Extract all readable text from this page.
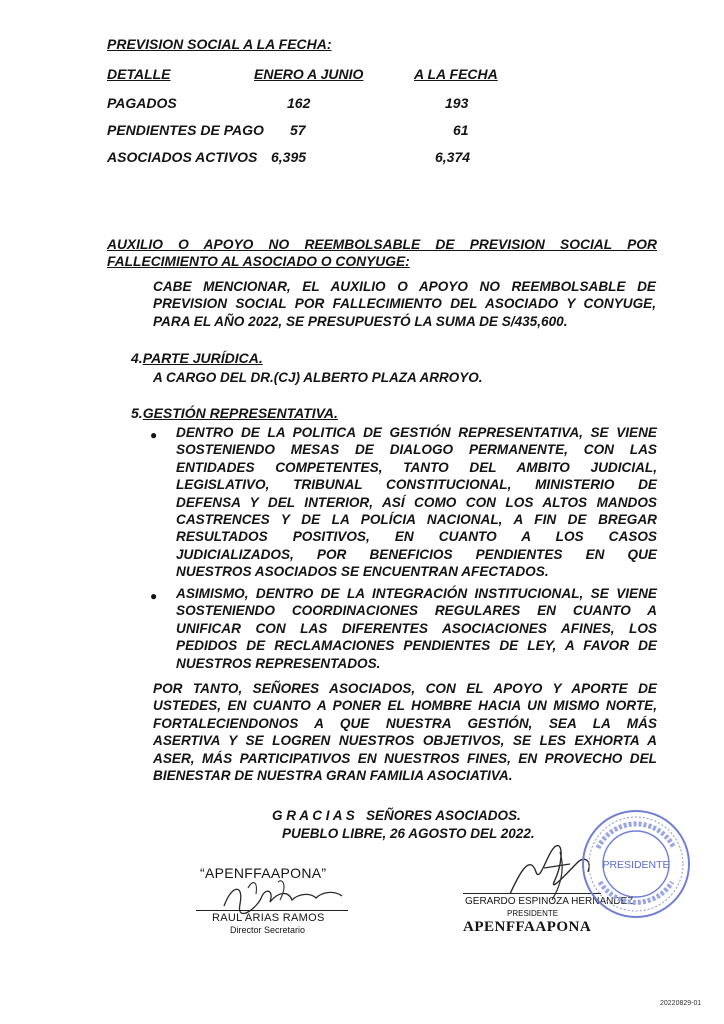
PREVISION SOCIAL A LA FECHA:
DETALLE	ENERO A JUNIO	A LA FECHA
PAGADOS	162	193
PENDIENTES DE PAGO 57	61
ASOCIADOS ACTIVOS 6,395	6,374
AUXILIO O APOYO NO REEMBOLSABLE DE PREVISION SOCIAL POR
FALLECIMIENTO AL ASOCIADO O CONYUGE:
CABE MENCIONAR, EL AUXILIO O APOYO NO REEMBOLSABLE DE
PREVISION SOCIAL POR FALLECIMIENTO DEL ASOCIADO Y CONYUGE,
PARA EL AÑO 2022, SE PRESUPUESTÓ LA SUMA DE S/435,600.
4.PARTE JURÍDICA.
A CARGO DEL DR.(CJ) ALBERTO PLAZA ARROYO.
5.GESTIÓN REPRESENTATIVA.
● DENTRO DE LA POLITICA DE GESTIÓN REPRESENTATIVA, SE VIENE
SOSTENIENDO MESAS DE DIALOGO PERMANENTE, CON LAS
ENTIDADES COMPETENTES, TANTO DEL AMBITO JUDICIAL,
LEGISLATIVO, TRIBUNAL CONSTITUCIONAL, MINISTERIO DE
DEFENSA Y DEL INTERIOR, ASÍ COMO CON LOS ALTOS MANDOS
CASTRENCES Y DE LA POLÍCIA NACIONAL, A FIN DE BREGAR
RESULTADOS POSITIVOS, EN CUANTO A LOS CASOS
JUDICIALIZADOS, POR BENEFICIOS PENDIENTES EN QUE
NUESTROS ASOCIADOS SE ENCUENTRAN AFECTADOS.
● ASIMISMO, DENTRO DE LA INTEGRACIÓN INSTITUCIONAL, SE VIENE
SOSTENIENDO COORDINACIONES REGULARES EN CUANTO A
UNIFICAR CON LAS DIFERENTES ASOCIACIONES AFINES, LOS
PEDIDOS DE RECLAMACIONES PENDIENTES DE LEY, A FAVOR DE
NUESTROS REPRESENTADOS.
POR TANTO, SEÑORES ASOCIADOS, CON EL APOYO Y APORTE DE
USTEDES, EN CUANTO A PONER EL HOMBRE HACIA UN MISMO NORTE,
FORTALECIENDONOS A QUE NUESTRA GESTIÓN, SEA LA MÁS
ASERTIVA Y SE LOGREN NUESTROS OBJETIVOS, SE LES EXHORTA A
ASER, MÁS PARTICIPATIVOS EN NUESTROS FINES, EN PROVECHO DEL
BIENESTAR DE NUESTRA GRAN FAMILIA ASOCIATIVA.
G R A C I A S   SEÑORES ASOCIADOS.
PUEBLO LIBRE, 26 AGOSTO DEL 2022.
“APENFFAAPONA”
RAUL ARIAS RAMOS
Director Secretario
GERARDO ESPINOZA HERNANDEZ
PRESIDENTE
APENFFAAPONA
PRESIDENTE
20220829-01
